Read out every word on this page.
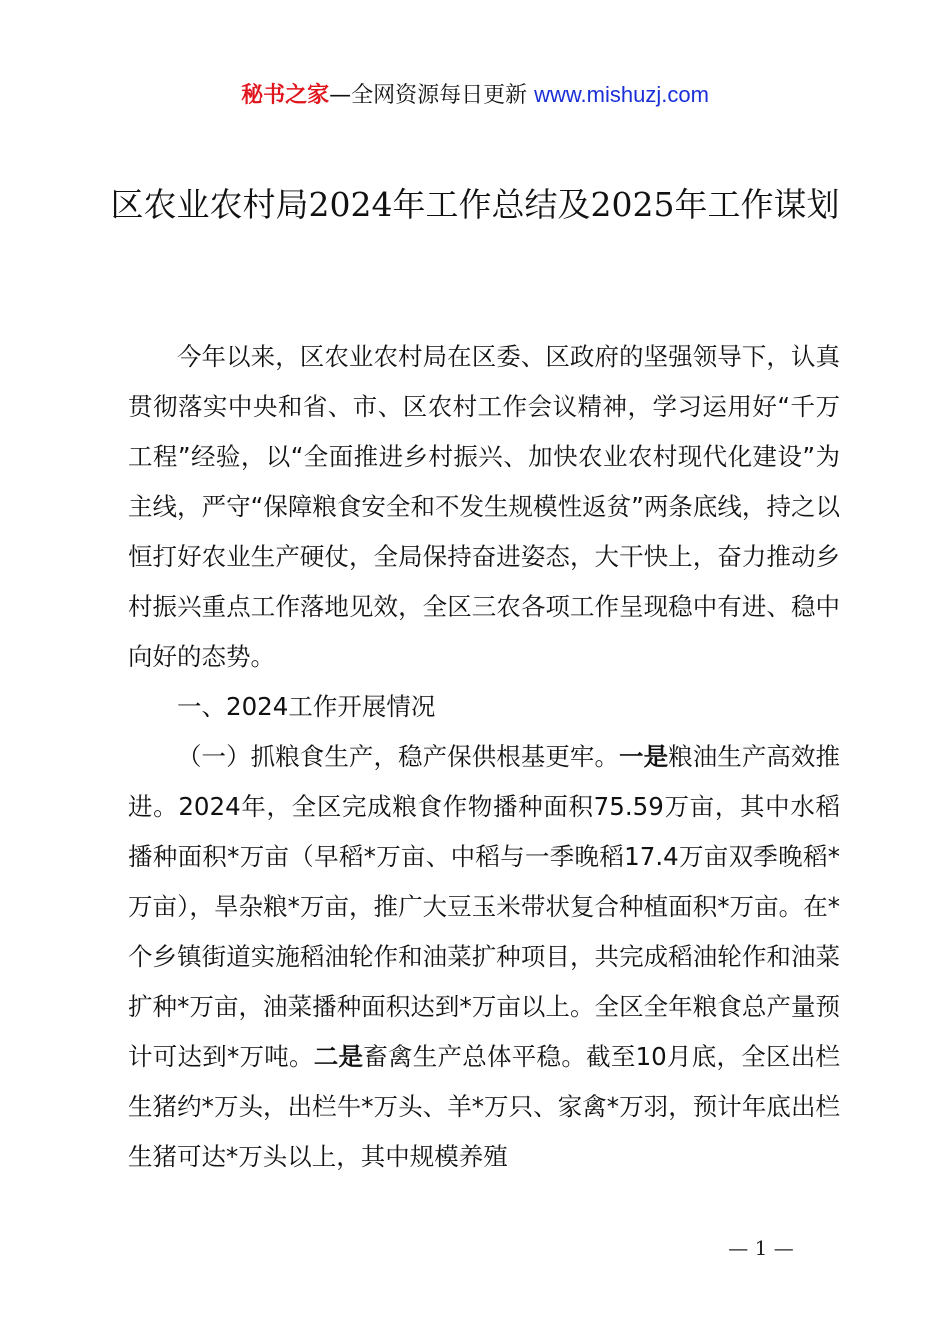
秘书之家—全网资源每日更新 www.mishuzj.com
区农业农村局2024年工作总结及2025年工作谋划

今年以来，区农业农村局在区委、区政府的坚强领导下，认真贯彻落实中央和省、市、区农村工作会议精神，学习运用好“千万工程”经验，以“全面推进乡村振兴、加快农业农村现代化建设”为主线，严守“保障粮食安全和不发生规模性返贫”两条底线，持之以恒打好农业生产硬仗，全局保持奋进姿态，大干快上，奋力推动乡村振兴重点工作落地见效，全区三农各项工作呈现稳中有进、稳中向好的态势。

一、2024工作开展情况

（一）抓粮食生产，稳产保供根基更牢。一是粮油生产高效推进。2024年，全区完成粮食作物播种面积75.59万亩，其中水稻播种面积*万亩（早稻*万亩、中稻与一季晚稻17.4万亩双季晚稻*万亩），旱杂粮*万亩，推广大豆玉米带状复合种植面积*万亩。在*个乡镇街道实施稻油轮作和油菜扩种项目，共完成稻油轮作和油菜扩种*万亩，油菜播种面积达到*万亩以上。全区全年粮食总产量预计可达到*万吨。二是畜禽生产总体平稳。截至10月底，全区出栏生猪约*万头，出栏牛*万头、羊*万只、家禽*万羽，预计年底出栏生猪可达*万头以上，其中规模养殖

— 1 —
